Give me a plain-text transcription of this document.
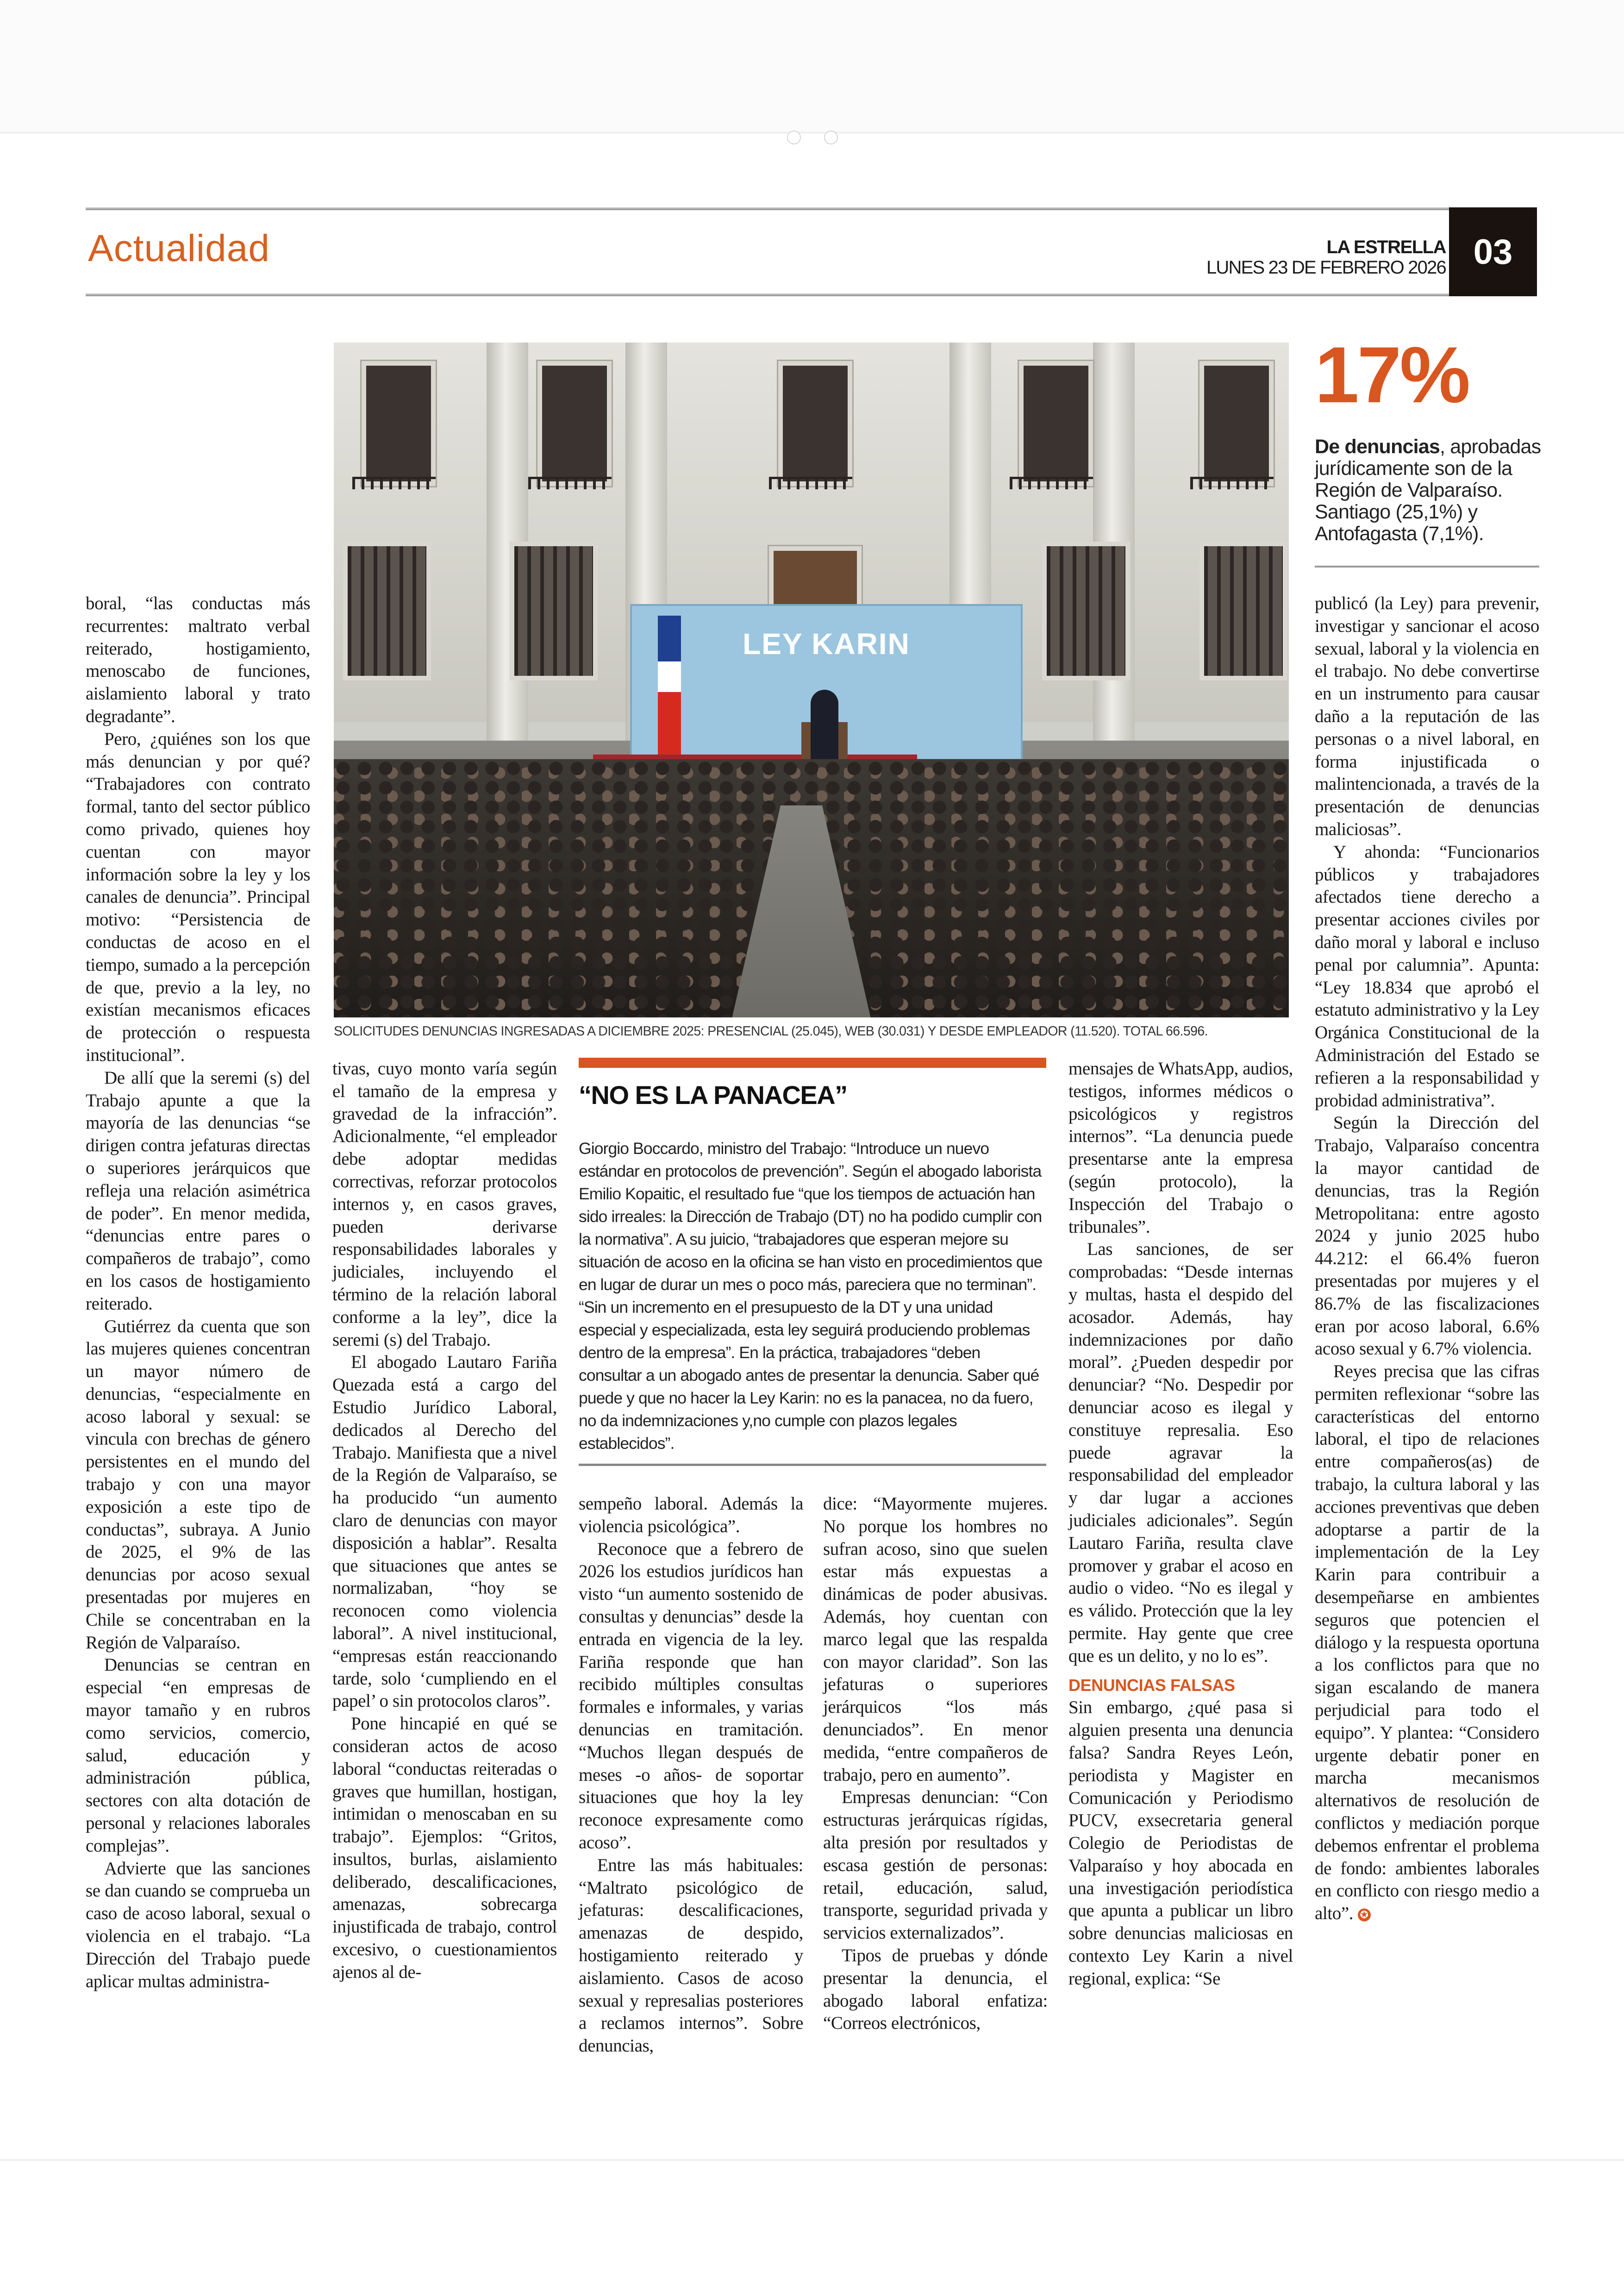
Actualidad	LA ESTRELLA
LUNES 23 DE FEBRERO 2026 03
LEY KARIN
SOLICITUDES DENUNCIAS INGRESADAS A DICIEMBRE 2025: PRESENCIAL (25.045), WEB (30.031) Y DESDE EMPLEADOR (11.520). TOTAL 66.596.
17%
De denuncias, aprobadas jurídicamente son de la Región de Valparaíso. Santiago (25,1%) y Antofagasta (7,1%).

boral, “las conductas más recurrentes: maltrato verbal reiterado, hostigamiento, menoscabo de funciones, aislamiento laboral y trato degradante”.

Pero, ¿quiénes son los que más denuncian y por qué? “Trabajadores con contrato formal, tanto del sector público como privado, quienes hoy cuentan con mayor información sobre la ley y los canales de denuncia”. Principal motivo: “Persistencia de conductas de acoso en el tiempo, sumado a la percepción de que, previo a la ley, no existían mecanismos eficaces de protección o respuesta institucional”.

De allí que la seremi (s) del Trabajo apunte a que la mayoría de las denuncias “se dirigen contra jefaturas directas o superiores jerárquicos que refleja una relación asimétrica de poder”. En menor medida, “denuncias entre pares o compañeros de trabajo”, como en los casos de hostigamiento reiterado.

Gutiérrez da cuenta que son las mujeres quienes concentran un mayor número de denuncias, “especialmente en acoso laboral y sexual: se vincula con brechas de género persistentes en el mundo del trabajo y con una mayor exposición a este tipo de conductas”, subraya. A Junio de 2025, el 9% de las denuncias por acoso sexual presentadas por mujeres en Chile se concentraban en la Región de Valparaíso.

Denuncias se centran en especial “en empresas de mayor tamaño y en rubros como servicios, comercio, salud, educación y administración pública, sectores con alta dotación de personal y relaciones laborales complejas”.

Advierte que las sanciones se dan cuando se comprueba un caso de acoso laboral, sexual o violencia en el trabajo. “La Dirección del Trabajo puede aplicar multas administra-

tivas, cuyo monto varía según el tamaño de la empresa y gravedad de la infracción”. Adicionalmente, “el empleador debe adoptar medidas correctivas, reforzar protocolos internos y, en casos graves, pueden derivarse responsabilidades laborales y judiciales, incluyendo el término de la relación laboral conforme a la ley”, dice la seremi (s) del Trabajo.

El abogado Lautaro Fariña Quezada está a cargo del Estudio Jurídico Laboral, dedicados al Derecho del Trabajo. Manifiesta que a nivel de la Región de Valparaíso, se ha producido “un aumento claro de denuncias con mayor disposición a hablar”. Resalta que situaciones que antes se normalizaban, “hoy se reconocen como violencia laboral”. A nivel institucional, “empresas están reaccionando tarde, solo ‘cumpliendo en el papel’ o sin protocolos claros”.

Pone hincapié en qué se consideran actos de acoso laboral “conductas reiteradas o graves que humillan, hostigan, intimidan o menoscaban en su trabajo”. Ejemplos: “Gritos, insultos, burlas, aislamiento deliberado, descalificaciones, amenazas, sobrecarga injustificada de trabajo, control excesivo, o cuestionamientos ajenos al de-

“NO ES LA PANACEA”
Giorgio Boccardo, ministro del Trabajo: “Introduce un nuevo estándar en protocolos de prevención”. Según el abogado laborista Emilio Kopaitic, el resultado fue “que los tiempos de actuación han sido irreales: la Dirección de Trabajo (DT) no ha podido cumplir con la normativa”. A su juicio, “trabajadores que esperan mejore su situación de acoso en la oficina se han visto en procedimientos que en lugar de durar un mes o poco más, pareciera que no terminan”. “Sin un incremento en el presupuesto de la DT y una unidad especial y especializada, esta ley seguirá produciendo problemas dentro de la empresa”. En la práctica, trabajadores “deben consultar a un abogado antes de presentar la denuncia. Saber qué puede y que no hacer la Ley Karin: no es la panacea, no da fuero, no da indemnizaciones y,no cumple con plazos legales establecidos”.

sempeño laboral. Además la violencia psicológica”.

Reconoce que a febrero de 2026 los estudios jurídicos han visto “un aumento sostenido de consultas y denuncias” desde la entrada en vigencia de la ley. Fariña responde que han recibido múltiples consultas formales e informales, y varias denuncias en tramitación. “Muchos llegan después de meses -o años- de soportar situaciones que hoy la ley reconoce expresamente como acoso”.

Entre las más habituales: “Maltrato psicológico de jefaturas: descalificaciones, amenazas de despido, hostigamiento reiterado y aislamiento. Casos de acoso sexual y represalias posteriores a reclamos internos”. Sobre denuncias,

dice: “Mayormente mujeres. No porque los hombres no sufran acoso, sino que suelen estar más expuestas a dinámicas de poder abusivas. Además, hoy cuentan con marco legal que las respalda con mayor claridad”. Son las jefaturas o superiores jerárquicos “los más denunciados”. En menor medida, “entre compañeros de trabajo, pero en aumento”.

Empresas denuncian: “Con estructuras jerárquicas rígidas, alta presión por resultados y escasa gestión de personas: retail, educación, salud, transporte, seguridad privada y servicios externalizados”.

Tipos de pruebas y dónde presentar la denuncia, el abogado laboral enfatiza: “Correos electrónicos,

mensajes de WhatsApp, audios, testigos, informes médicos o psicológicos y registros internos”. “La denuncia puede presentarse ante la empresa (según protocolo), la Inspección del Trabajo o tribunales”.

Las sanciones, de ser comprobadas: “Desde internas y multas, hasta el despido del acosador. Además, hay indemnizaciones por daño moral”. ¿Pueden despedir por denunciar? “No. Despedir por denunciar acoso es ilegal y constituye represalia. Eso puede agravar la responsabilidad del empleador y dar lugar a acciones judiciales adicionales”. Según Lautaro Fariña, resulta clave promover y grabar el acoso en audio o video. “No es ilegal y es válido. Protección que la ley permite. Hay gente que cree que es un delito, y no lo es”.

DENUNCIAS FALSAS

Sin embargo, ¿qué pasa si alguien presenta una denuncia falsa? Sandra Reyes León, periodista y Magister en Comunicación y Periodismo PUCV, exsecretaria general Colegio de Periodistas de Valparaíso y hoy abocada en una investigación periodística que apunta a publicar un libro sobre denuncias maliciosas en contexto Ley Karin a nivel regional, explica: “Se

publicó (la Ley) para prevenir, investigar y sancionar el acoso sexual, laboral y la violencia en el trabajo. No debe convertirse en un instrumento para causar daño a la reputación de las personas o a nivel laboral, en forma injustificada o malintencionada, a través de la presentación de denuncias maliciosas”.

Y ahonda: “Funcionarios públicos y trabajadores afectados tiene derecho a presentar acciones civiles por daño moral y laboral e incluso penal por calumnia”. Apunta: “Ley 18.834 que aprobó el estatuto administrativo y la Ley Orgánica Constitucional de la Administración del Estado se refieren a la responsabilidad y probidad administrativa”.

Según la Dirección del Trabajo, Valparaíso concentra la mayor cantidad de denuncias, tras la Región Metropolitana: entre agosto 2024 y junio 2025 hubo 44.212: el 66.4% fueron presentadas por mujeres y el 86.7% de las fiscalizaciones eran por acoso laboral, 6.6% acoso sexual y 6.7% violencia.

Reyes precisa que las cifras permiten reflexionar “sobre las características del entorno laboral, el tipo de relaciones entre compañeros(as) de trabajo, la cultura laboral y las acciones preventivas que deben adoptarse a partir de la implementación de la Ley Karin para contribuir a desempeñarse en ambientes seguros que potencien el diálogo y la respuesta oportuna a los conflictos para que no sigan escalando de manera perjudicial para todo el equipo”. Y plantea: “Considero urgente debatir poner en marcha mecanismos alternativos de resolución de conflictos y mediación porque debemos enfrentar el problema de fondo: ambientes laborales en conflicto con riesgo medio a alto”. ✪
